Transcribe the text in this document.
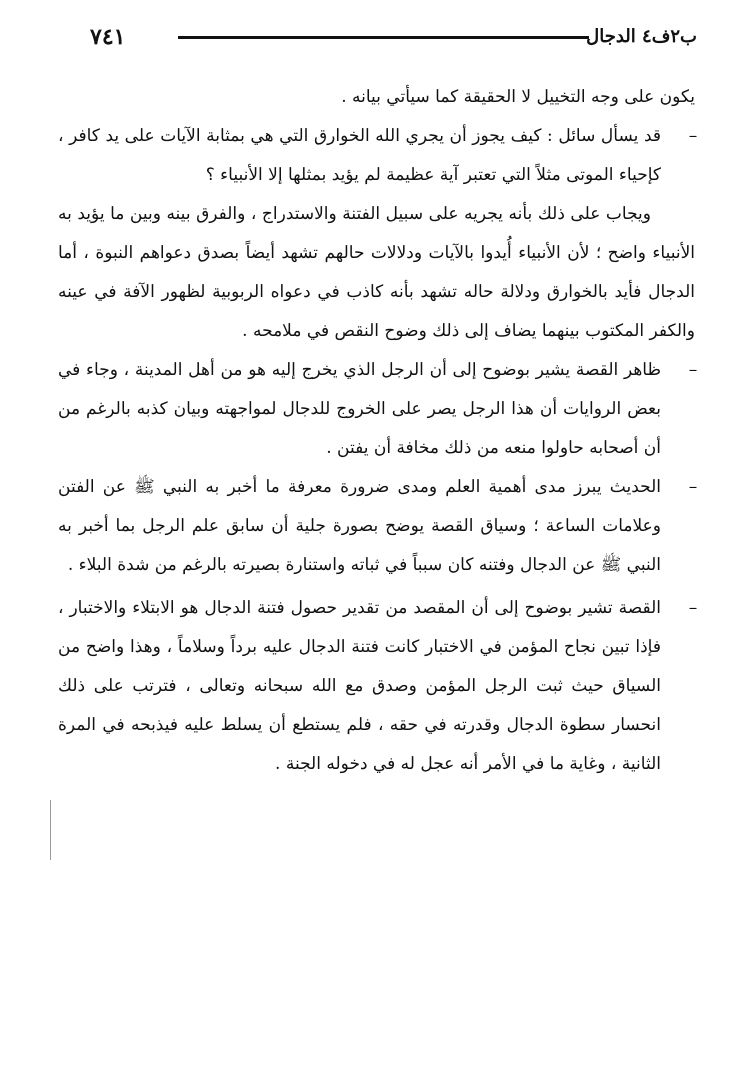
٧٤١	ب٢ف٤ الدجال

يكون على وجه التخييل لا الحقيقة كما سيأتي بيانه .

–
قد يسأل سائل : كيف يجوز أن يجري الله الخوارق التي هي بمثابة الآيات على يد كافر ، كإحياء الموتى مثلاً التي تعتبر آية عظيمة لم يؤيد بمثلها إلا الأنبياء ؟

ويجاب على ذلك بأنه يجريه على سبيل الفتنة والاستدراج ، والفرق بينه وبين ما يؤيد به الأنبياء واضح ؛ لأن الأنبياء أُيدوا بالآيات ودلالات حالهم تشهد أيضاً بصدق دعواهم النبوة ، أما الدجال فأيد بالخوارق ودلالة حاله تشهد بأنه كاذب في دعواه الربوبية لظهور الآفة في عينه والكفر المكتوب بينهما يضاف إلى ذلك وضوح النقص في ملامحه .

–
ظاهر القصة يشير بوضوح إلى أن الرجل الذي يخرج إليه هو من أهل المدينة ، وجاء في بعض الروايات أن هذا الرجل يصر على الخروج للدجال لمواجهته وبيان كذبه بالرغم من أن أصحابه حاولوا منعه من ذلك مخافة أن يفتن .

–
الحديث يبرز مدى أهمية العلم ومدى ضرورة معرفة ما أخبر به النبي ﷺ عن الفتن وعلامات الساعة ؛ وسياق القصة يوضح بصورة جلية أن سابق علم الرجل بما أخبر به النبي ﷺ عن الدجال وفتنه كان سبباً في ثباته واستنارة بصيرته بالرغم من شدة البلاء .

–
القصة تشير بوضوح إلى أن المقصد من تقدير حصول فتنة الدجال هو الابتلاء والاختبار ، فإذا تبين نجاح المؤمن في الاختبار كانت فتنة الدجال عليه برداً وسلاماً ، وهذا واضح من السياق حيث ثبت الرجل المؤمن وصدق مع الله سبحانه وتعالى ، فترتب على ذلك انحسار سطوة الدجال وقدرته في حقه ، فلم يستطع أن يسلط عليه فيذبحه في المرة الثانية ، وغاية ما في الأمر أنه عجل له في دخوله الجنة .
